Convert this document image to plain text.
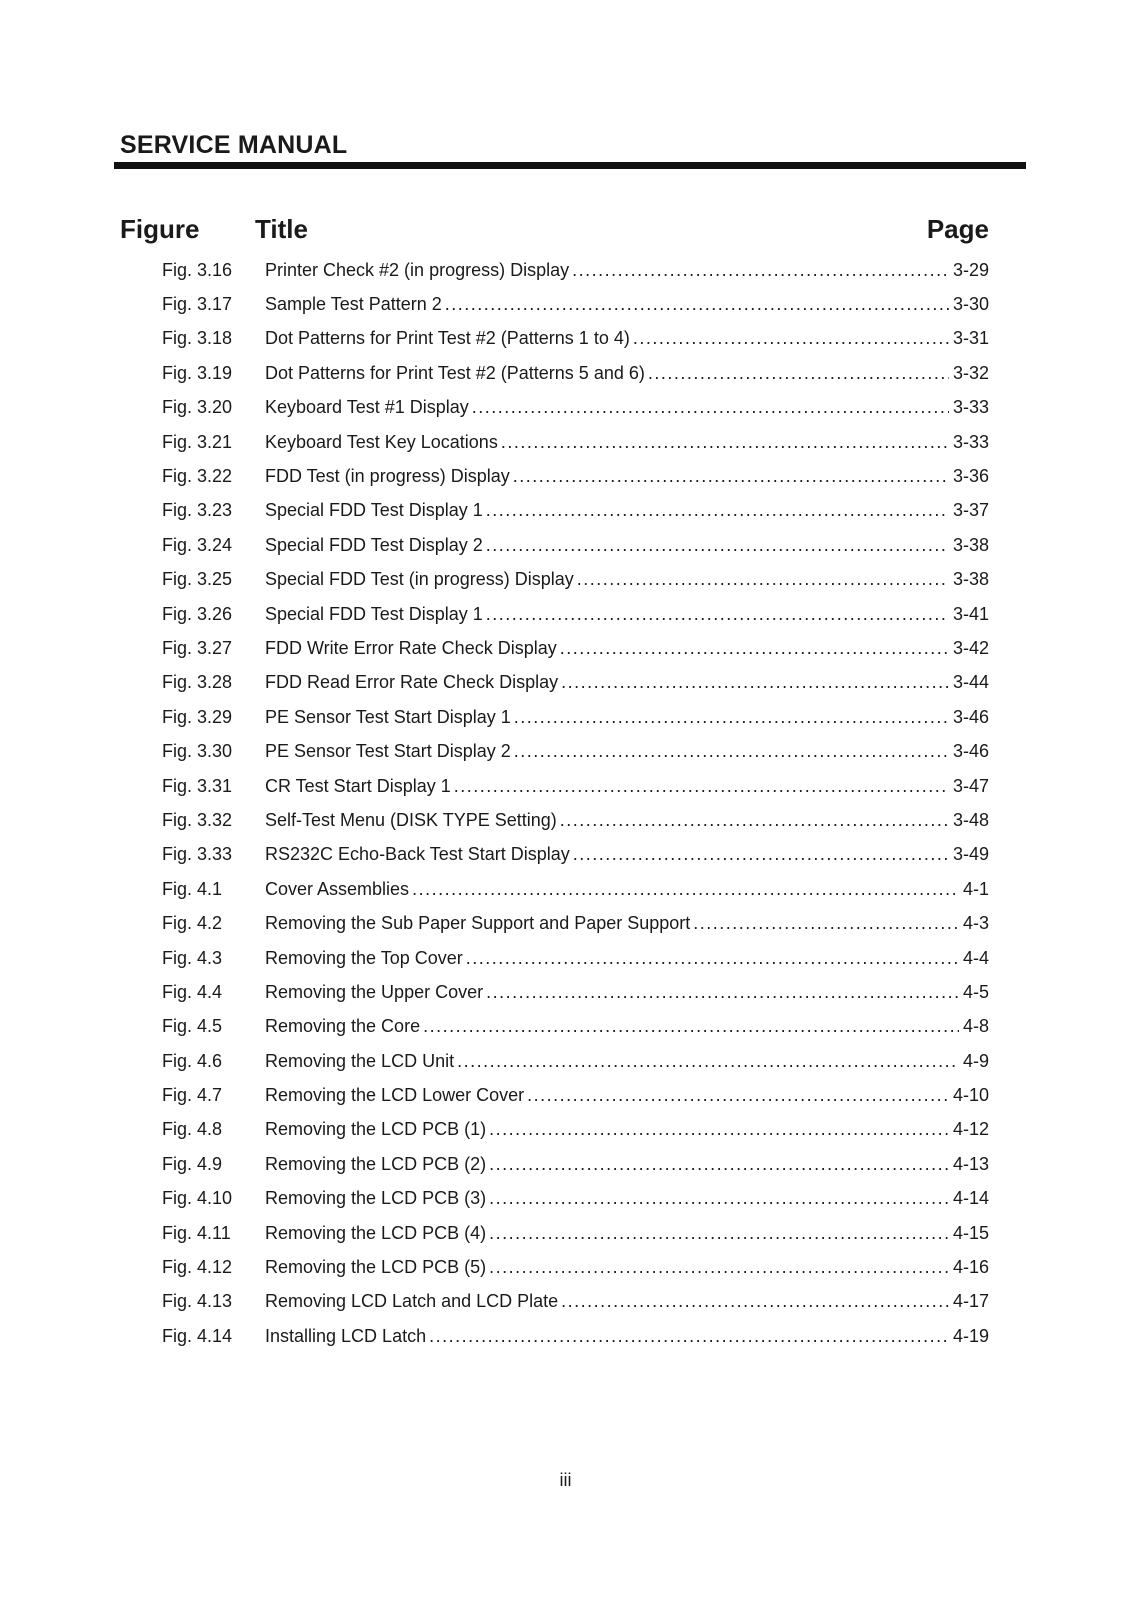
SERVICE MANUAL
Figure Title	Page
Fig. 3.16	Printer Check #2 (in progress) Display .....	3-29
Fig. 3.17	Sample Test Pattern 2 .....	3-30
Fig. 3.18	Dot Patterns for Print Test #2 (Patterns 1 to 4) .....	3-31
Fig. 3.19	Dot Patterns for Print Test #2 (Patterns 5 and 6) .....	3-32
Fig. 3.20	Keyboard Test #1 Display .....	3-33
Fig. 3.21	Keyboard Test Key Locations .....	3-33
Fig. 3.22	FDD Test (in progress) Display .....	3-36
Fig. 3.23	Special FDD Test Display 1 .....	3-37
Fig. 3.24	Special FDD Test Display 2 .....	3-38
Fig. 3.25	Special FDD Test (in progress) Display .....	3-38
Fig. 3.26	Special FDD Test Display 1 .....	3-41
Fig. 3.27	FDD Write Error Rate Check Display .....	3-42
Fig. 3.28	FDD Read Error Rate Check Display .....	3-44
Fig. 3.29	PE Sensor Test Start Display 1 .....	3-46
Fig. 3.30	PE Sensor Test Start Display 2 .....	3-46
Fig. 3.31	CR Test Start Display 1 .....	3-47
Fig. 3.32	Self-Test Menu (DISK TYPE Setting) .....	3-48
Fig. 3.33	RS232C Echo-Back Test Start Display .....	3-49
Fig. 4.1	Cover Assemblies .....	4-1
Fig. 4.2	Removing the Sub Paper Support and Paper Support .....	4-3
Fig. 4.3	Removing the Top Cover .....	4-4
Fig. 4.4	Removing the Upper Cover .....	4-5
Fig. 4.5	Removing the Core .....	4-8
Fig. 4.6	Removing the LCD Unit .....	4-9
Fig. 4.7	Removing the LCD Lower Cover .....	4-10
Fig. 4.8	Removing the LCD PCB (1) .....	4-12
Fig. 4.9	Removing the LCD PCB (2) .....	4-13
Fig. 4.10	Removing the LCD PCB (3) .....	4-14
Fig. 4.11	Removing the LCD PCB (4) .....	4-15
Fig. 4.12	Removing the LCD PCB (5) .....	4-16
Fig. 4.13	Removing LCD Latch and LCD Plate .....	4-17
Fig. 4.14	Installing LCD Latch .....	4-19
iii
